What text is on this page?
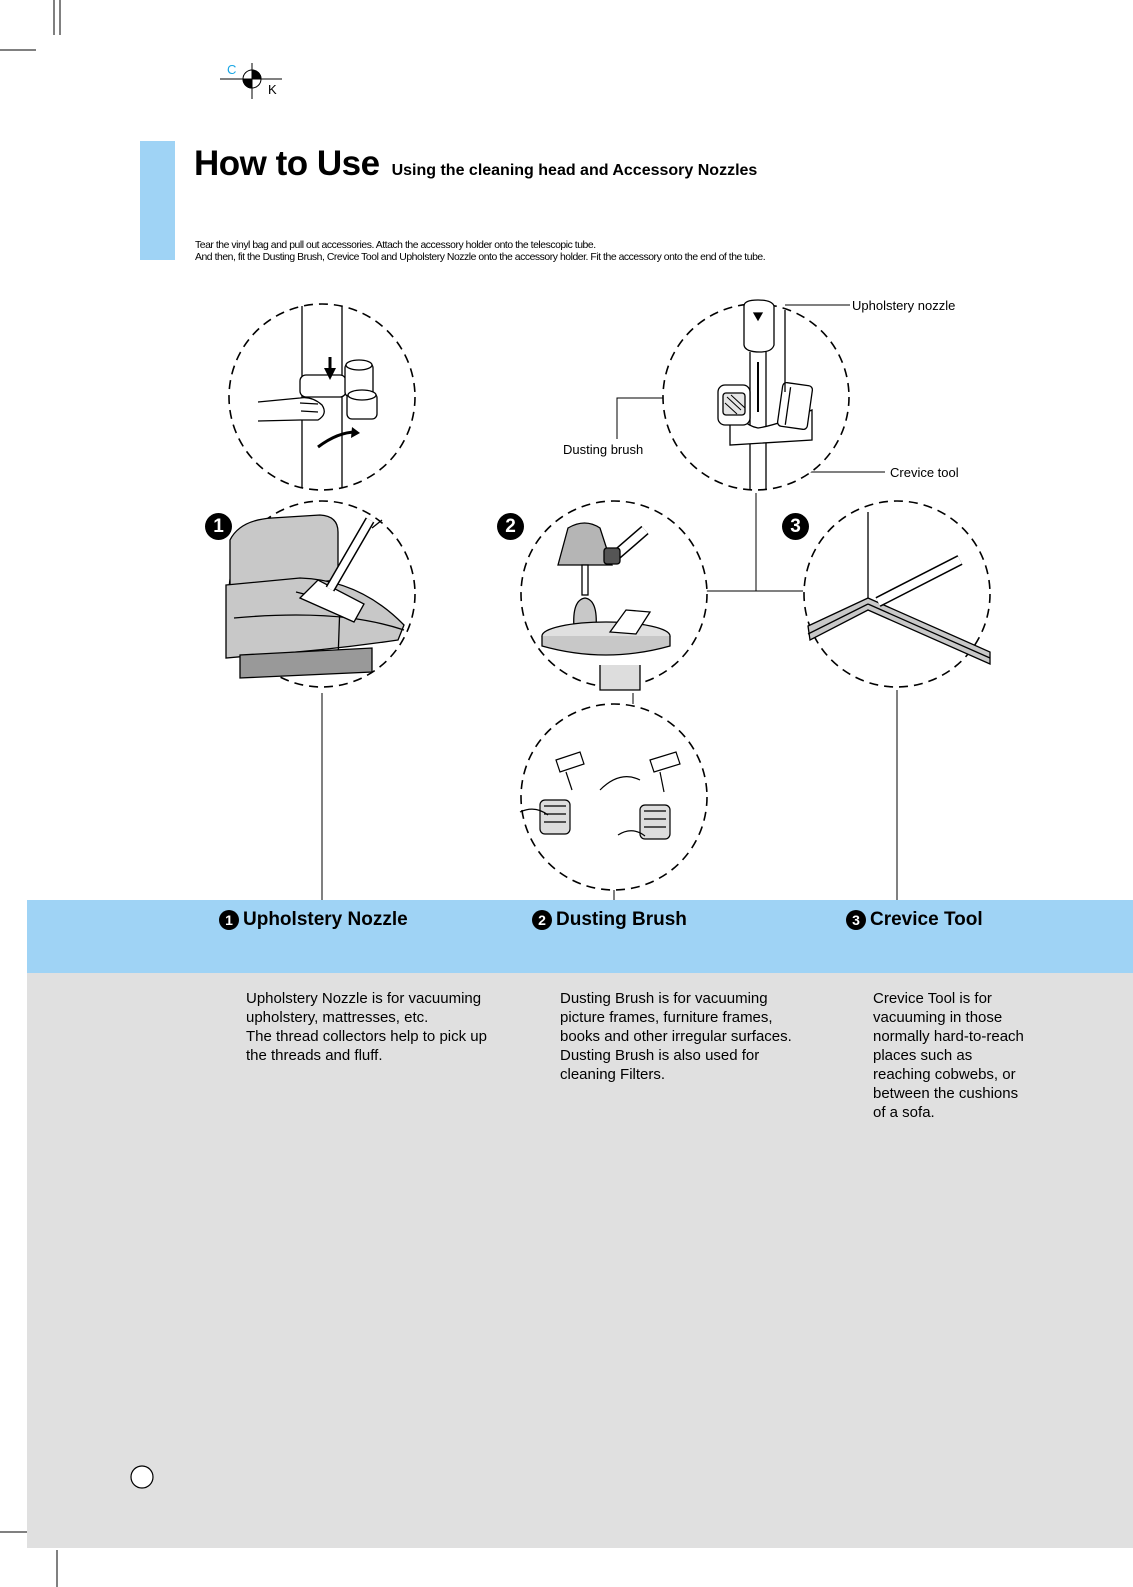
C
K
How to Use Using the cleaning head and Accessory Nozzles
Tear the vinyl bag and pull out accessories. Attach the accessory holder onto the telescopic tube.
And then, fit the Dusting Brush, Crevice Tool and Upholstery Nozzle onto the accessory holder. Fit the accessory onto the end of the tube.
Upholstery nozzle
Dusting brush
Crevice tool
1	2	3
1 Upholstery Nozzle	2 Dusting Brush	3 Crevice Tool
Upholstery Nozzle is for vacuuming
upholstery, mattresses, etc.
The thread collectors help to pick up
the threads and fluff.
Dusting Brush is for vacuuming
picture frames, furniture frames,
books and other irregular surfaces.
Dusting Brush is also used for
cleaning Filters.
Crevice Tool is for
vacuuming in those
normally hard-to-reach
places such as
reaching cobwebs, or
between the cushions
of a sofa.
